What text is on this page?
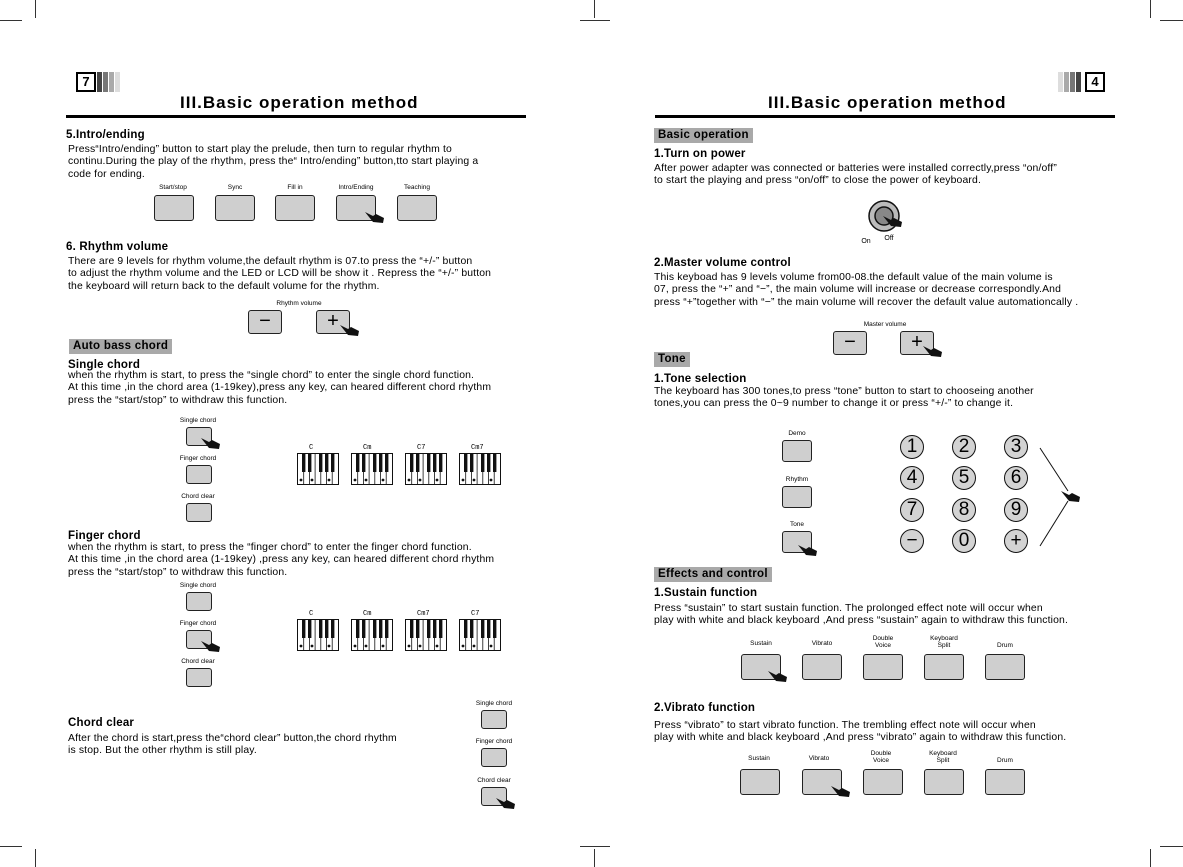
7
III.Basic operation method
5.Intro/ending
Press“Intro/ending” button to start play the prelude, then turn to regular rhythm to
continu.During the play of the rhythm, press the“ Intro/ending” button,tto start playing a
code for ending.
Start/stop	Sync	Fill in	Intro/Ending	Teaching
6. Rhythm volume
There are 9 levels for rhythm volume,the default rhythm is 07.to press the “+/-” button
to adjust the rhythm volume and the LED or LCD will be show it . Repress the “+/-” button
the keyboard will return back to the default volume for the rhythm.
Rhythm volume
−	+
Auto bass chord
Single chord
when the rhythm is start, to press the “single chord” to enter the single chord function.
At this time ,in the chord area (1-19key),press any key, can heared different chord rhythm
press the “start/stop” to withdraw this function.
Single chord
Finger chord
Chord clear
C	Cm	C7	Cm7
Finger chord
when the rhythm is start, to press the “finger chord” to enter the finger chord function.
At this time ,in the chord area (1-19key) ,press any key, can heared different chord rhythm
press the “start/stop” to withdraw this function.
Single chord
Finger chord
Chord clear
C	Cm	Cm7	C7
Chord clear
After the chord is start,press the“chord clear” button,the chord rhythm
is stop. But the other rhythm is still play.
Single chord
Finger chord
Chord clear
4
III.Basic operation method
Basic operation
1.Turn on power
After power adapter was connected or batteries were installed correctly,press “on/off”
to start the playing and press “on/off” to close the power of keyboard.
On	Off
2.Master volume control
This keyboad has 9 levels volume from00-08.the default value of the main volume is
07, press the “+” and “−”, the main volume will increase or decrease correspondly.And
press “+”together with “−” the main volume will recover the default value automationcally .
Master volume
−	+
Tone
1.Tone selection
The keyboard has 300 tones,to press “tone” button to start to chooseing another
tones,you can press the 0~9 number to change it or press “+/-” to change it.
Demo
Rhythm
Tone
1	2	3
4	5	6
7	8	9
−	0	+
Effects and control
1.Sustain function
Press “sustain” to start sustain function. The prolonged effect note will occur when
play with white and black keyboard ,And press “sustain” again to withdraw this function.
Sustain	Vibrato
Double
Voice
Keyboard
Split	Drum
2.Vibrato function
Press “vibrato” to start vibrato function. The trembling effect note will occur when
play with white and black keyboard ,And press “vibrato” again to withdraw this function.
Sustain	Vibrato
Double
Voice
Keyboard
Split	Drum
